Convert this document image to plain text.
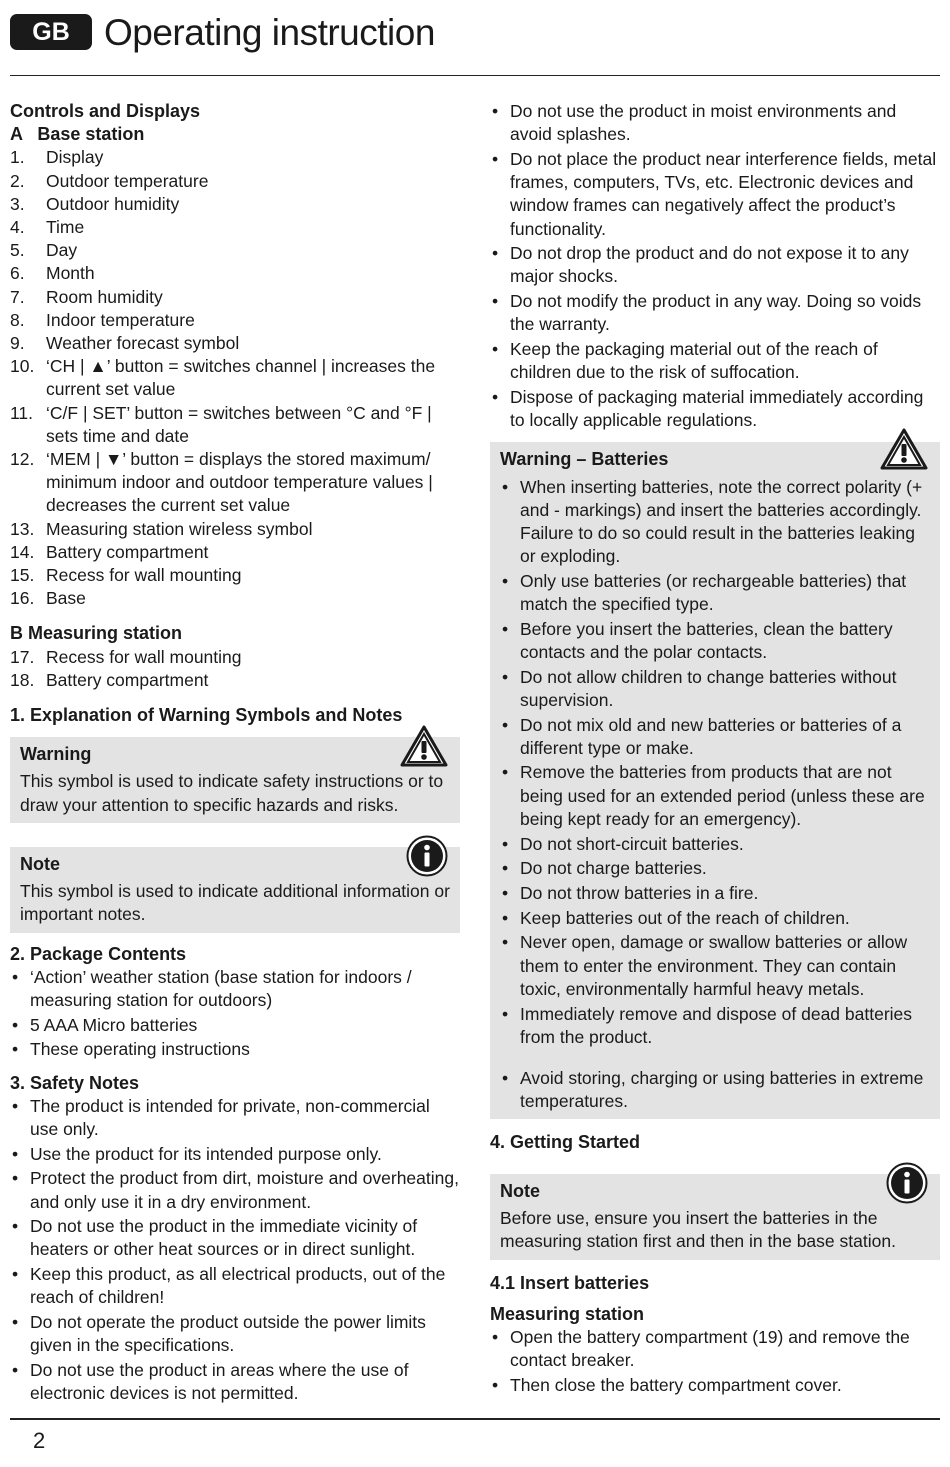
GB Operating instruction
Controls and Displays
A   Base station
1. Display
2. Outdoor temperature
3. Outdoor humidity
4. Time
5. Day
6. Month
7. Room humidity
8. Indoor temperature
9. Weather forecast symbol
10. ‘CH | ▲’ button = switches channel | increases the current set value
11. ‘C/F | SET’ button = switches between °C and °F | sets time and date
12. ‘MEM | ▼’ button = displays the stored maximum/ minimum indoor and outdoor temperature values | decreases the current set value
13. Measuring station wireless symbol
14. Battery compartment
15. Recess for wall mounting
16. Base
B Measuring station
17. Recess for wall mounting
18. Battery compartment
1. Explanation of Warning Symbols and Notes
Warning
This symbol is used to indicate safety instructions or to draw your attention to specific hazards and risks.
Note
This symbol is used to indicate additional information or important notes.
2. Package Contents
• ‘Action’ weather station (base station for indoors / measuring station for outdoors)
• 5 AAA Micro batteries
• These operating instructions
3. Safety Notes
• The product is intended for private, non-commercial use only.
• Use the product for its intended purpose only.
• Protect the product from dirt, moisture and overheating, and only use it in a dry environment.
• Do not use the product in the immediate vicinity of heaters or other heat sources or in direct sunlight.
• Keep this product, as all electrical products, out of the reach of children!
• Do not operate the product outside the power limits given in the specifications.
• Do not use the product in areas where the use of electronic devices is not permitted.
• Do not use the product in moist environments and avoid splashes.
• Do not place the product near interference fields, metal frames, computers, TVs, etc. Electronic devices and window frames can negatively affect the product’s functionality.
• Do not drop the product and do not expose it to any major shocks.
• Do not modify the product in any way. Doing so voids the warranty.
• Keep the packaging material out of the reach of children due to the risk of suffocation.
• Dispose of packaging material immediately according to locally applicable regulations.
Warning – Batteries
• When inserting batteries, note the correct polarity (+ and - markings) and insert the batteries accordingly. Failure to do so could result in the batteries leaking or exploding.
• Only use batteries (or rechargeable batteries) that match the specified type.
• Before you insert the batteries, clean the battery contacts and the polar contacts.
• Do not allow children to change batteries without supervision.
• Do not mix old and new batteries or batteries of a different type or make.
• Remove the batteries from products that are not being used for an extended period (unless these are being kept ready for an emergency).
• Do not short-circuit batteries.
• Do not charge batteries.
• Do not throw batteries in a fire.
• Keep batteries out of the reach of children.
• Never open, damage or swallow batteries or allow them to enter the environment. They can contain toxic, environmentally harmful heavy metals.
• Immediately remove and dispose of dead batteries from the product.
• Avoid storing, charging or using batteries in extreme temperatures.
4. Getting Started
Note
Before use, ensure you insert the batteries in the measuring station first and then in the base station.
4.1 Insert batteries
Measuring station
• Open the battery compartment (19) and remove the contact breaker.
• Then close the battery compartment cover.
2
